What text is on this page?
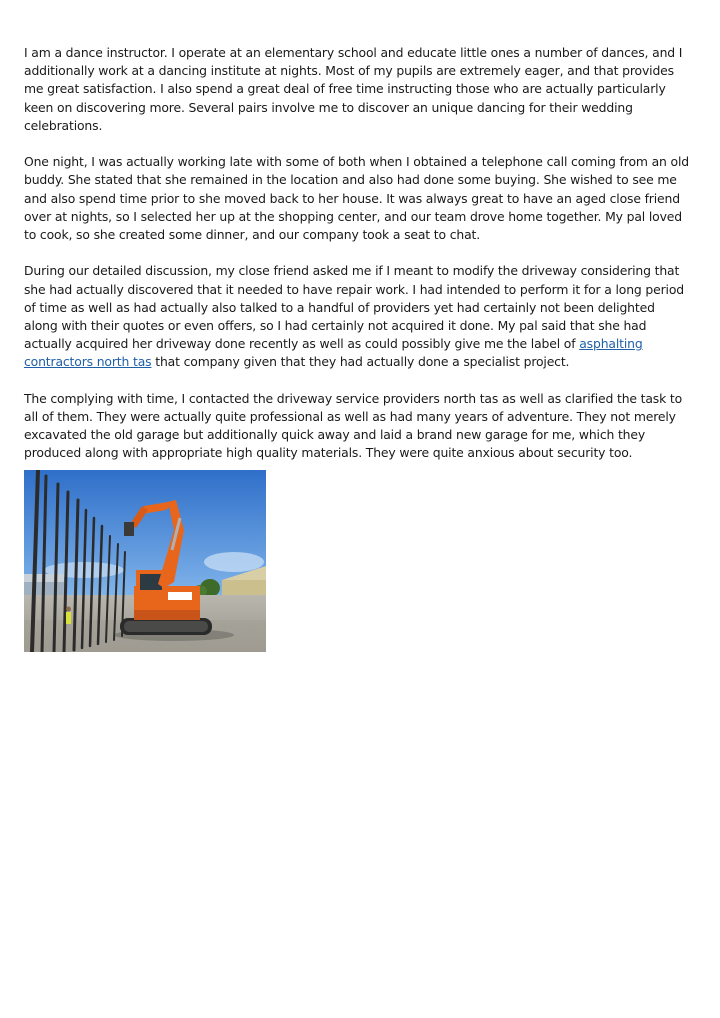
I am a dance instructor. I operate at an elementary school and educate little ones a number of dances, and I additionally work at a dancing institute at nights. Most of my pupils are extremely eager, and that provides me great satisfaction. I also spend a great deal of free time instructing those who are actually particularly keen on discovering more. Several pairs involve me to discover an unique dancing for their wedding celebrations.

One night, I was actually working late with some of both when I obtained a telephone call coming from an old buddy. She stated that she remained in the location and also had done some buying. She wished to see me and also spend time prior to she moved back to her house. It was always great to have an aged close friend over at nights, so I selected her up at the shopping center, and our team drove home together. My pal loved to cook, so she created some dinner, and our company took a seat to chat.

During our detailed discussion, my close friend asked me if I meant to modify the driveway considering that she had actually discovered that it needed to have repair work. I had intended to perform it for a long period of time as well as had actually also talked to a handful of providers yet had certainly not been delighted along with their quotes or even offers, so I had certainly not acquired it done. My pal said that she had actually acquired her driveway done recently as well as could possibly give me the label of asphalting contractors north tas that company given that they had actually done a specialist project.

The complying with time, I contacted the driveway service providers north tas as well as clarified the task to all of them. They were actually quite professional as well as had many years of adventure. They not merely excavated the old garage but additionally quick away and laid a brand new garage for me, which they produced along with appropriate high quality materials. They were quite anxious about security too.
